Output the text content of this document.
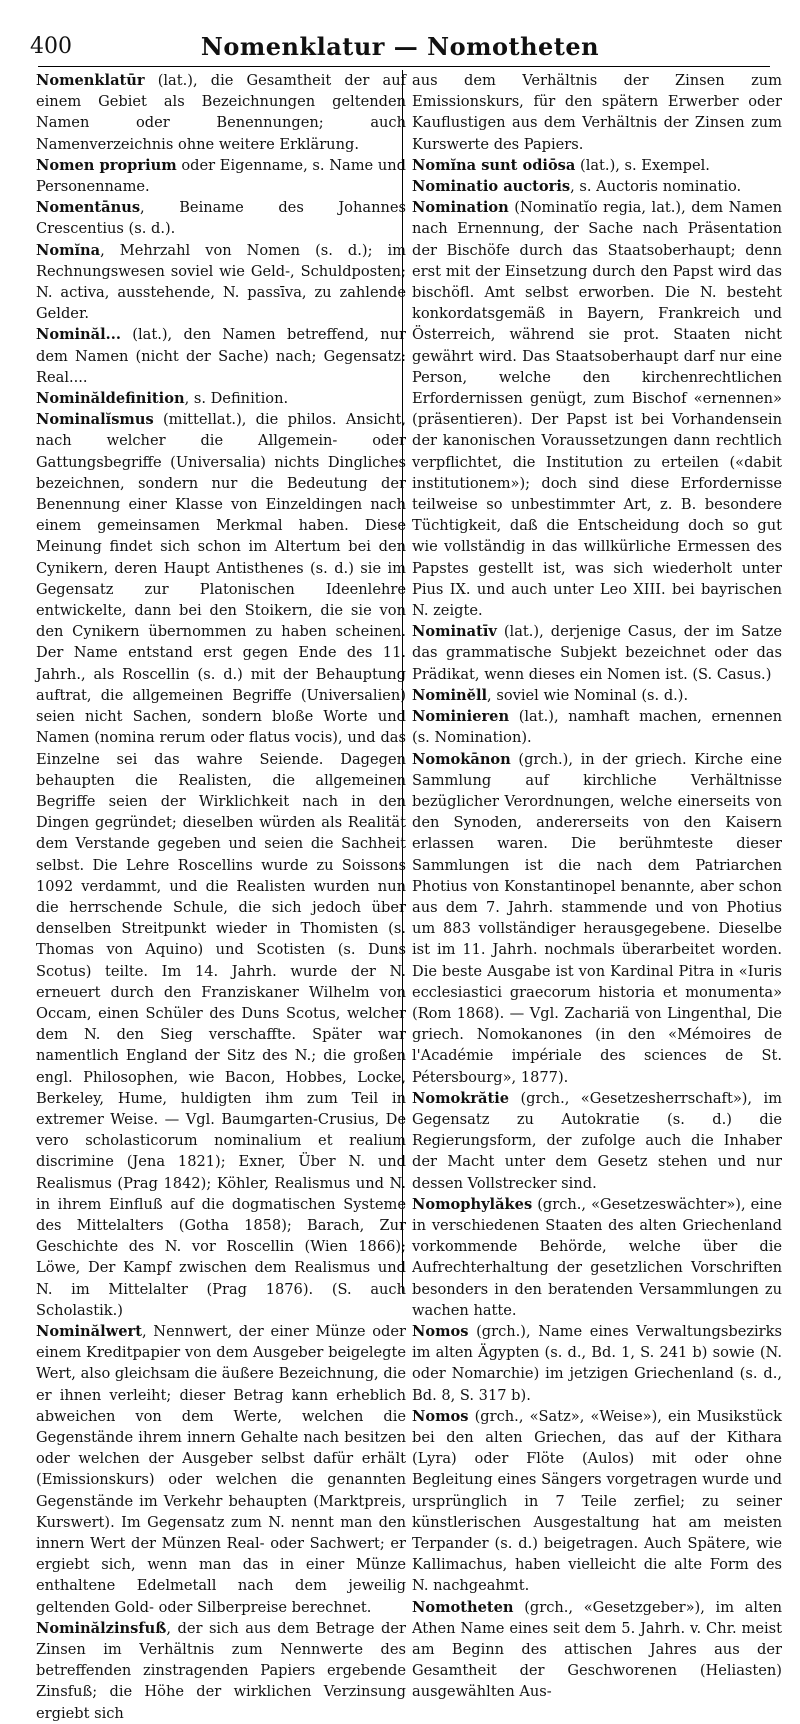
400	Nomenklatur — Nomotheten

Nomenklatūr (lat.), die Gesamtheit der auf einem Gebiet als Bezeichnungen geltenden Namen oder Benennungen; auch Namenverzeichnis ohne weitere Erklärung.

Nomen proprium oder Eigenname, s. Name und Personenname.

Nomentānus, Beiname des Johannes Crescentius (s. d.).

Nomĭna, Mehrzahl von Nomen (s. d.); im Rechnungswesen soviel wie Geld-, Schuldposten; N. activa, ausstehende, N. passīva, zu zahlende Gelder.

Nominăl... (lat.), den Namen betreffend, nur dem Namen (nicht der Sache) nach; Gegensatz: Real....

Nominăldefinition, s. Definition.

Nominalĭsmus (mittellat.), die philos. Ansicht, nach welcher die Allgemein- oder Gattungsbegriffe (Universalia) nichts Dingliches bezeichnen, sondern nur die Bedeutung der Benennung einer Klasse von Einzeldingen nach einem gemeinsamen Merkmal haben. Diese Meinung findet sich schon im Altertum bei den Cynikern, deren Haupt Antisthenes (s. d.) sie im Gegensatz zur Platonischen Ideenlehre entwickelte, dann bei den Stoikern, die sie von den Cynikern übernommen zu haben scheinen. Der Name entstand erst gegen Ende des 11. Jahrh., als Roscellin (s. d.) mit der Behauptung auftrat, die allgemeinen Begriffe (Universalien) seien nicht Sachen, sondern bloße Worte und Namen (nomina rerum oder flatus vocis), und das Einzelne sei das wahre Seiende. Dagegen behaupten die Realisten, die allgemeinen Begriffe seien der Wirklichkeit nach in den Dingen gegründet; dieselben würden als Realität dem Verstande gegeben und seien die Sachheit selbst. Die Lehre Roscellins wurde zu Soissons 1092 verdammt, und die Realisten wurden nun die herrschende Schule, die sich jedoch über denselben Streitpunkt wieder in Thomisten (s. Thomas von Aquino) und Scotisten (s. Duns Scotus) teilte. Im 14. Jahrh. wurde der N. erneuert durch den Franziskaner Wilhelm von Occam, einen Schüler des Duns Scotus, welcher dem N. den Sieg verschaffte. Später war namentlich England der Sitz des N.; die großen engl. Philosophen, wie Bacon, Hobbes, Locke, Berkeley, Hume, huldigten ihm zum Teil in extremer Weise. — Vgl. Baumgarten-Crusius, De vero scholasticorum nominalium et realium discrimine (Jena 1821); Exner, Über N. und Realismus (Prag 1842); Köhler, Realismus und N. in ihrem Einfluß auf die dogmatischen Systeme des Mittelalters (Gotha 1858); Barach, Zur Geschichte des N. vor Roscellin (Wien 1866); Löwe, Der Kampf zwischen dem Realismus und N. im Mittelalter (Prag 1876). (S. auch Scholastik.)

Nominălwert, Nennwert, der einer Münze oder einem Kreditpapier von dem Ausgeber beigelegte Wert, also gleichsam die äußere Bezeichnung, die er ihnen verleiht; dieser Betrag kann erheblich abweichen von dem Werte, welchen die Gegenstände ihrem innern Gehalte nach besitzen oder welchen der Ausgeber selbst dafür erhält (Emissionskurs) oder welchen die genannten Gegenstände im Verkehr behaupten (Marktpreis, Kurswert). Im Gegensatz zum N. nennt man den innern Wert der Münzen Real- oder Sachwert; er ergiebt sich, wenn man das in einer Münze enthaltene Edelmetall nach dem jeweilig geltenden Gold- oder Silberpreise berechnet.

Nominălzinsfuß, der sich aus dem Betrage der Zinsen im Verhältnis zum Nennwerte des betreffenden zinstragenden Papiers ergebende Zinsfuß; die Höhe der wirklichen Verzinsung ergiebt sich

aus dem Verhältnis der Zinsen zum Emissionskurs, für den spätern Erwerber oder Kauflustigen aus dem Verhältnis der Zinsen zum Kurswerte des Papiers.

Nomĭna sunt odiōsa (lat.), s. Exempel.

Nominatio auctoris, s. Auctoris nominatio.

Nomination (Nominatĭo regia, lat.), dem Namen nach Ernennung, der Sache nach Präsentation der Bischöfe durch das Staatsoberhaupt; denn erst mit der Einsetzung durch den Papst wird das bischöfl. Amt selbst erworben. Die N. besteht konkordatsgemäß in Bayern, Frankreich und Österreich, während sie prot. Staaten nicht gewährt wird. Das Staatsoberhaupt darf nur eine Person, welche den kirchenrechtlichen Erfordernissen genügt, zum Bischof «ernennen» (präsentieren). Der Papst ist bei Vorhandensein der kanonischen Voraussetzungen dann rechtlich verpflichtet, die Institution zu erteilen («dabit institutionem»); doch sind diese Erfordernisse teilweise so unbestimmter Art, z. B. besondere Tüchtigkeit, daß die Entscheidung doch so gut wie vollständig in das willkürliche Ermessen des Papstes gestellt ist, was sich wiederholt unter Pius IX. und auch unter Leo XIII. bei bayrischen N. zeigte.

Nominatīv (lat.), derjenige Casus, der im Satze das grammatische Subjekt bezeichnet oder das Prädikat, wenn dieses ein Nomen ist. (S. Casus.)

Nominĕll, soviel wie Nominal (s. d.).

Nominieren (lat.), namhaft machen, ernennen (s. Nomination).

Nomokānon (grch.), in der griech. Kirche eine Sammlung auf kirchliche Verhältnisse bezüglicher Verordnungen, welche einerseits von den Synoden, andererseits von den Kaisern erlassen waren. Die berühmteste dieser Sammlungen ist die nach dem Patriarchen Photius von Konstantinopel benannte, aber schon aus dem 7. Jahrh. stammende und von Photius um 883 vollständiger herausgegebene. Dieselbe ist im 11. Jahrh. nochmals überarbeitet worden. Die beste Ausgabe ist von Kardinal Pitra in «Iuris ecclesiastici graecorum historia et monumenta» (Rom 1868). — Vgl. Zachariä von Lingenthal, Die griech. Nomokanones (in den «Mémoires de l'Académie impériale des sciences de St. Pétersbourg», 1877).

Nomokrătie (grch., «Gesetzesherrschaft»), im Gegensatz zu Autokratie (s. d.) die Regierungsform, der zufolge auch die Inhaber der Macht unter dem Gesetz stehen und nur dessen Vollstrecker sind.

Nomophylăkes (grch., «Gesetzeswächter»), eine in verschiedenen Staaten des alten Griechenland vorkommende Behörde, welche über die Aufrechterhaltung der gesetzlichen Vorschriften besonders in den beratenden Versammlungen zu wachen hatte.

Nomos (grch.), Name eines Verwaltungsbezirks im alten Ägypten (s. d., Bd. 1, S. 241 b) sowie (N. oder Nomarchie) im jetzigen Griechenland (s. d., Bd. 8, S. 317 b).

Nomos (grch., «Satz», «Weise»), ein Musikstück bei den alten Griechen, das auf der Kithara (Lyra) oder Flöte (Aulos) mit oder ohne Begleitung eines Sängers vorgetragen wurde und ursprünglich in 7 Teile zerfiel; zu seiner künstlerischen Ausgestaltung hat am meisten Terpander (s. d.) beigetragen. Auch Spätere, wie Kallimachus, haben vielleicht die alte Form des N. nachgeahmt.

Nomotheten (grch., «Gesetzgeber»), im alten Athen Name eines seit dem 5. Jahrh. v. Chr. meist am Beginn des attischen Jahres aus der Gesamtheit der Geschworenen (Heliasten) ausgewählten Aus-
